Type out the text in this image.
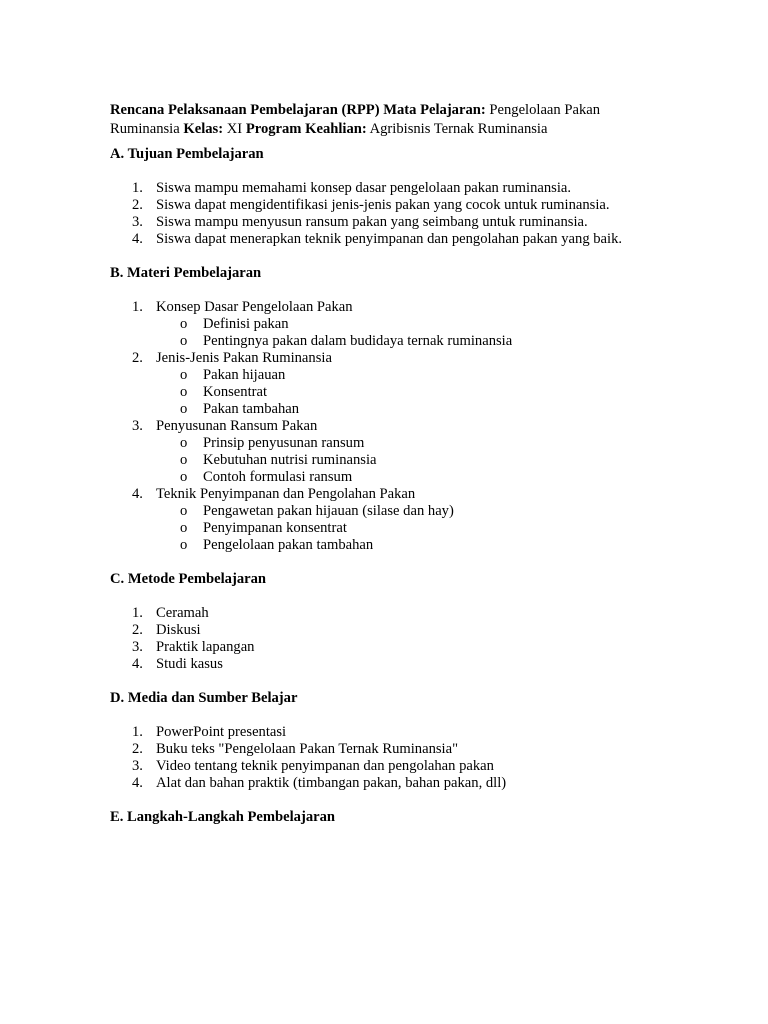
Rencana Pelaksanaan Pembelajaran (RPP) Mata Pelajaran: Pengelolaan Pakan Ruminansia Kelas: XI Program Keahlian: Agribisnis Ternak Ruminansia

A. Tujuan Pembelajaran
1. Siswa mampu memahami konsep dasar pengelolaan pakan ruminansia.
2. Siswa dapat mengidentifikasi jenis-jenis pakan yang cocok untuk ruminansia.
3. Siswa mampu menyusun ransum pakan yang seimbang untuk ruminansia.
4. Siswa dapat menerapkan teknik penyimpanan dan pengolahan pakan yang baik.
B. Materi Pembelajaran
1. Konsep Dasar Pengelolaan Pakan
o Definisi pakan
o Pentingnya pakan dalam budidaya ternak ruminansia
2. Jenis-Jenis Pakan Ruminansia
o Pakan hijauan
o Konsentrat
o Pakan tambahan
3. Penyusunan Ransum Pakan
o Prinsip penyusunan ransum
o Kebutuhan nutrisi ruminansia
o Contoh formulasi ransum
4. Teknik Penyimpanan dan Pengolahan Pakan
o Pengawetan pakan hijauan (silase dan hay)
o Penyimpanan konsentrat
o Pengelolaan pakan tambahan
C. Metode Pembelajaran
1. Ceramah
2. Diskusi
3. Praktik lapangan
4. Studi kasus
D. Media dan Sumber Belajar
1. PowerPoint presentasi
2. Buku teks "Pengelolaan Pakan Ternak Ruminansia"
3. Video tentang teknik penyimpanan dan pengolahan pakan
4. Alat dan bahan praktik (timbangan pakan, bahan pakan, dll)
E. Langkah-Langkah Pembelajaran
